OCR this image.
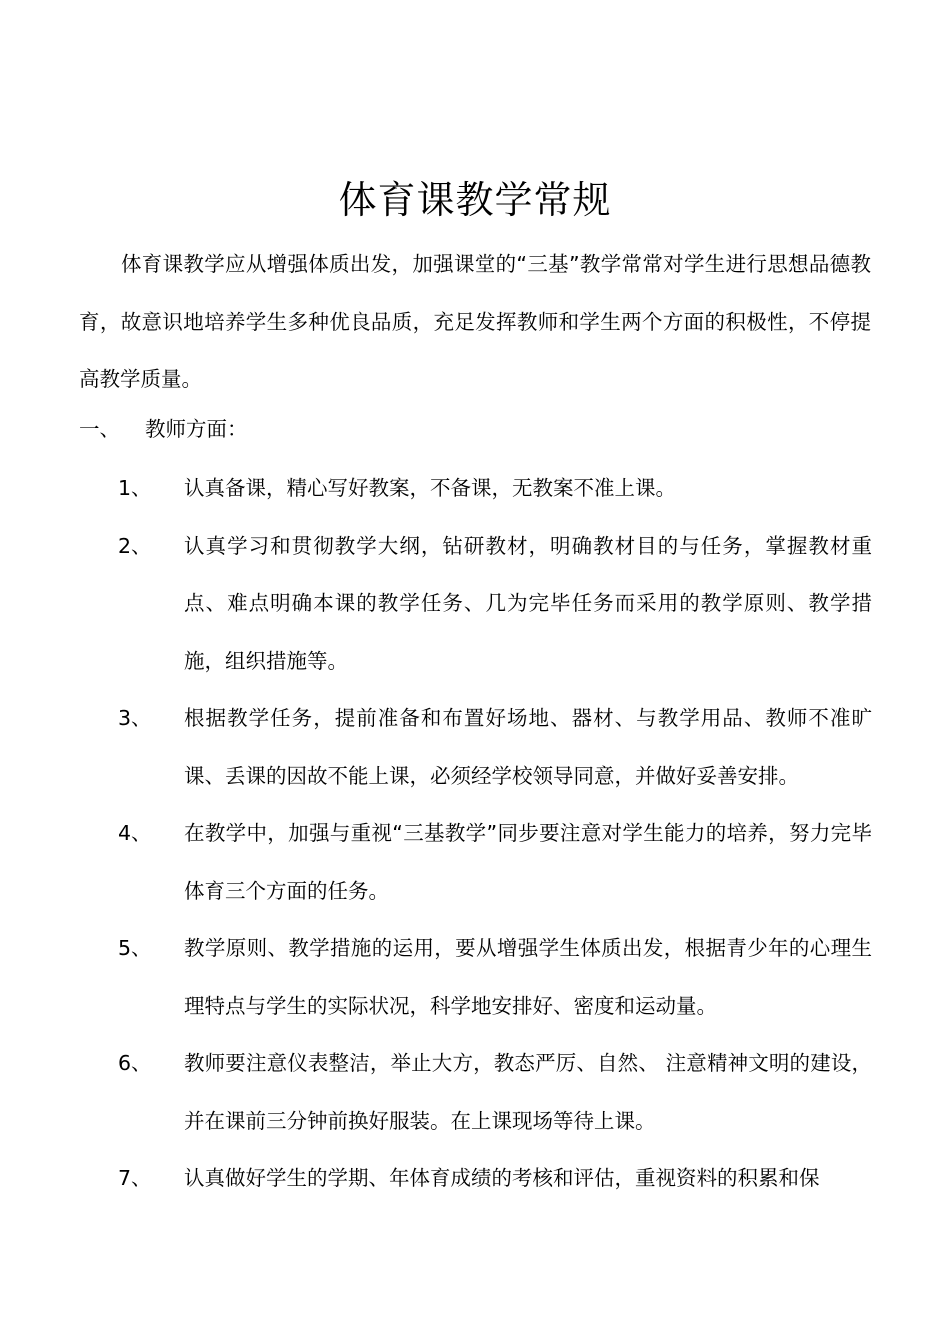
体育课教学常规

体育课教学应从增强体质出发，加强课堂的“三基”教学常常对学生进行思想品德教育，故意识地培养学生多种优良品质，充足发挥教师和学生两个方面的积极性，不停提高教学质量。

一、 教师方面：
1、 认真备课，精心写好教案，不备课，无教案不准上课。
2、 认真学习和贯彻教学大纲，钻研教材，明确教材目的与任务，掌握教材重点、难点明确本课的教学任务、几为完毕任务而采用的教学原则、教学措施，组织措施等。
3、 根据教学任务，提前准备和布置好场地、器材、与教学用品、教师不准旷课、丢课的因故不能上课，必须经学校领导同意，并做好妥善安排。
4、 在教学中，加强与重视“三基教学”同步要注意对学生能力的培养，努力完毕体育三个方面的任务。
5、 教学原则、教学措施的运用，要从增强学生体质出发，根据青少年的心理生理特点与学生的实际状况，科学地安排好、密度和运动量。
6、 教师要注意仪表整洁，举止大方，教态严厉、自然、 注意精神文明的建设，并在课前三分钟前换好服装。在上课现场等待上课。
7、 认真做好学生的学期、年体育成绩的考核和评估，重视资料的积累和保
